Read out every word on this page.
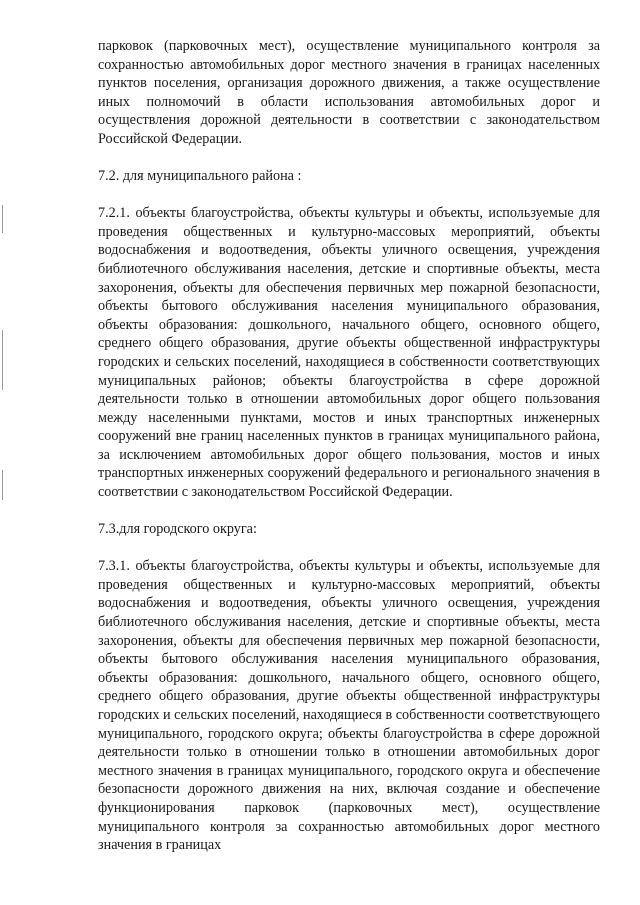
парковок (парковочных мест), осуществление муниципального контроля за сохранностью автомобильных дорог местного значения в границах населенных пунктов поселения, организация дорожного движения, а также осуществление иных полномочий в области использования автомобильных дорог и осуществления дорожной деятельности в соответствии с законодательством Российской Федерации.

7.2. для муниципального района :

7.2.1. объекты благоустройства, объекты культуры и объекты, используемые для проведения общественных и культурно-массовых мероприятий, объекты водоснабжения и водоотведения, объекты уличного освещения, учреждения библиотечного обслуживания населения, детские и спортивные объекты, места захоронения, объекты для обеспечения первичных мер пожарной безопасности, объекты бытового обслуживания населения муниципального образования, объекты образования: дошкольного, начального общего, основного общего, среднего общего образования, другие объекты общественной инфраструктуры городских и сельских поселений, находящиеся в собственности соответствующих муниципальных районов; объекты благоустройства в сфере дорожной деятельности только в отношении автомобильных дорог общего пользования между населенными пунктами, мостов и иных транспортных инженерных сооружений вне границ населенных пунктов в границах муниципального района, за исключением автомобильных дорог общего пользования, мостов и иных транспортных инженерных сооружений федерального и регионального значения в соответствии с законодательством Российской Федерации.

7.3.для городского округа:

7.3.1. объекты благоустройства, объекты культуры и объекты, используемые для проведения общественных и культурно-массовых мероприятий, объекты водоснабжения и водоотведения, объекты уличного освещения, учреждения библиотечного обслуживания населения, детские и спортивные объекты, места захоронения, объекты для обеспечения первичных мер пожарной безопасности, объекты бытового обслуживания населения муниципального образования, объекты образования: дошкольного, начального общего, основного общего, среднего общего образования, другие объекты общественной инфраструктуры городских и сельских поселений, находящиеся в собственности соответствующего муниципального, городского округа; объекты благоустройства в сфере дорожной деятельности только в отношении только в отношении автомобильных дорог местного значения в границах муниципального, городского округа и обеспечение безопасности дорожного движения на них, включая создание и обеспечение функционирования парковок (парковочных мест), осуществление муниципального контроля за сохранностью автомобильных дорог местного значения в границах
